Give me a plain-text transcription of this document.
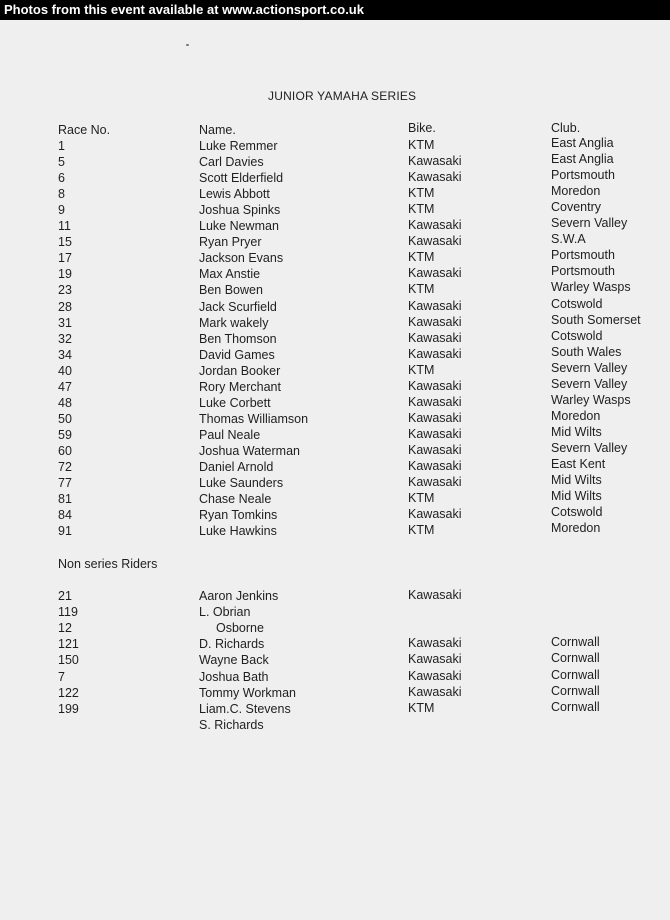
Photos from this event available at www.actionsport.co.uk
JUNIOR YAMAHA SERIES
Race No.	Name.	Bike.	Club.
1	Luke Remmer	KTM	East Anglia
5	Carl Davies	Kawasaki	East Anglia
6	Scott Elderfield	Kawasaki	Portsmouth
8	Lewis Abbott	KTM	Moredon
9	Joshua Spinks	KTM	Coventry
11	Luke Newman	Kawasaki	Severn Valley
15	Ryan Pryer	Kawasaki	S.W.A
17	Jackson Evans	KTM	Portsmouth
19	Max Anstie	Kawasaki	Portsmouth
23	Ben Bowen	KTM	Warley Wasps
28	Jack Scurfield	Kawasaki	Cotswold
31	Mark wakely	Kawasaki	South Somerset
32	Ben Thomson	Kawasaki	Cotswold
34	David Games	Kawasaki	South Wales
40	Jordan Booker	KTM	Severn Valley
47	Rory Merchant	Kawasaki	Severn Valley
48	Luke Corbett	Kawasaki	Warley Wasps
50	Thomas Williamson	Kawasaki	Moredon
59	Paul Neale	Kawasaki	Mid Wilts
60	Joshua Waterman	Kawasaki	Severn Valley
72	Daniel Arnold	Kawasaki	East Kent
77	Luke Saunders	Kawasaki	Mid Wilts
81	Chase Neale	KTM	Mid Wilts
84	Ryan Tomkins	Kawasaki	Cotswold
91	Luke Hawkins	KTM	Moredon
Non series Riders
21	Aaron Jenkins	Kawasaki
119	L. Obrian
12	Osborne
121	D. Richards	Kawasaki	Cornwall
150	Wayne Back	Kawasaki	Cornwall
7	Joshua Bath	Kawasaki	Cornwall
122	Tommy Workman	Kawasaki	Cornwall
199	Liam.C. Stevens	KTM	Cornwall
S. Richards
